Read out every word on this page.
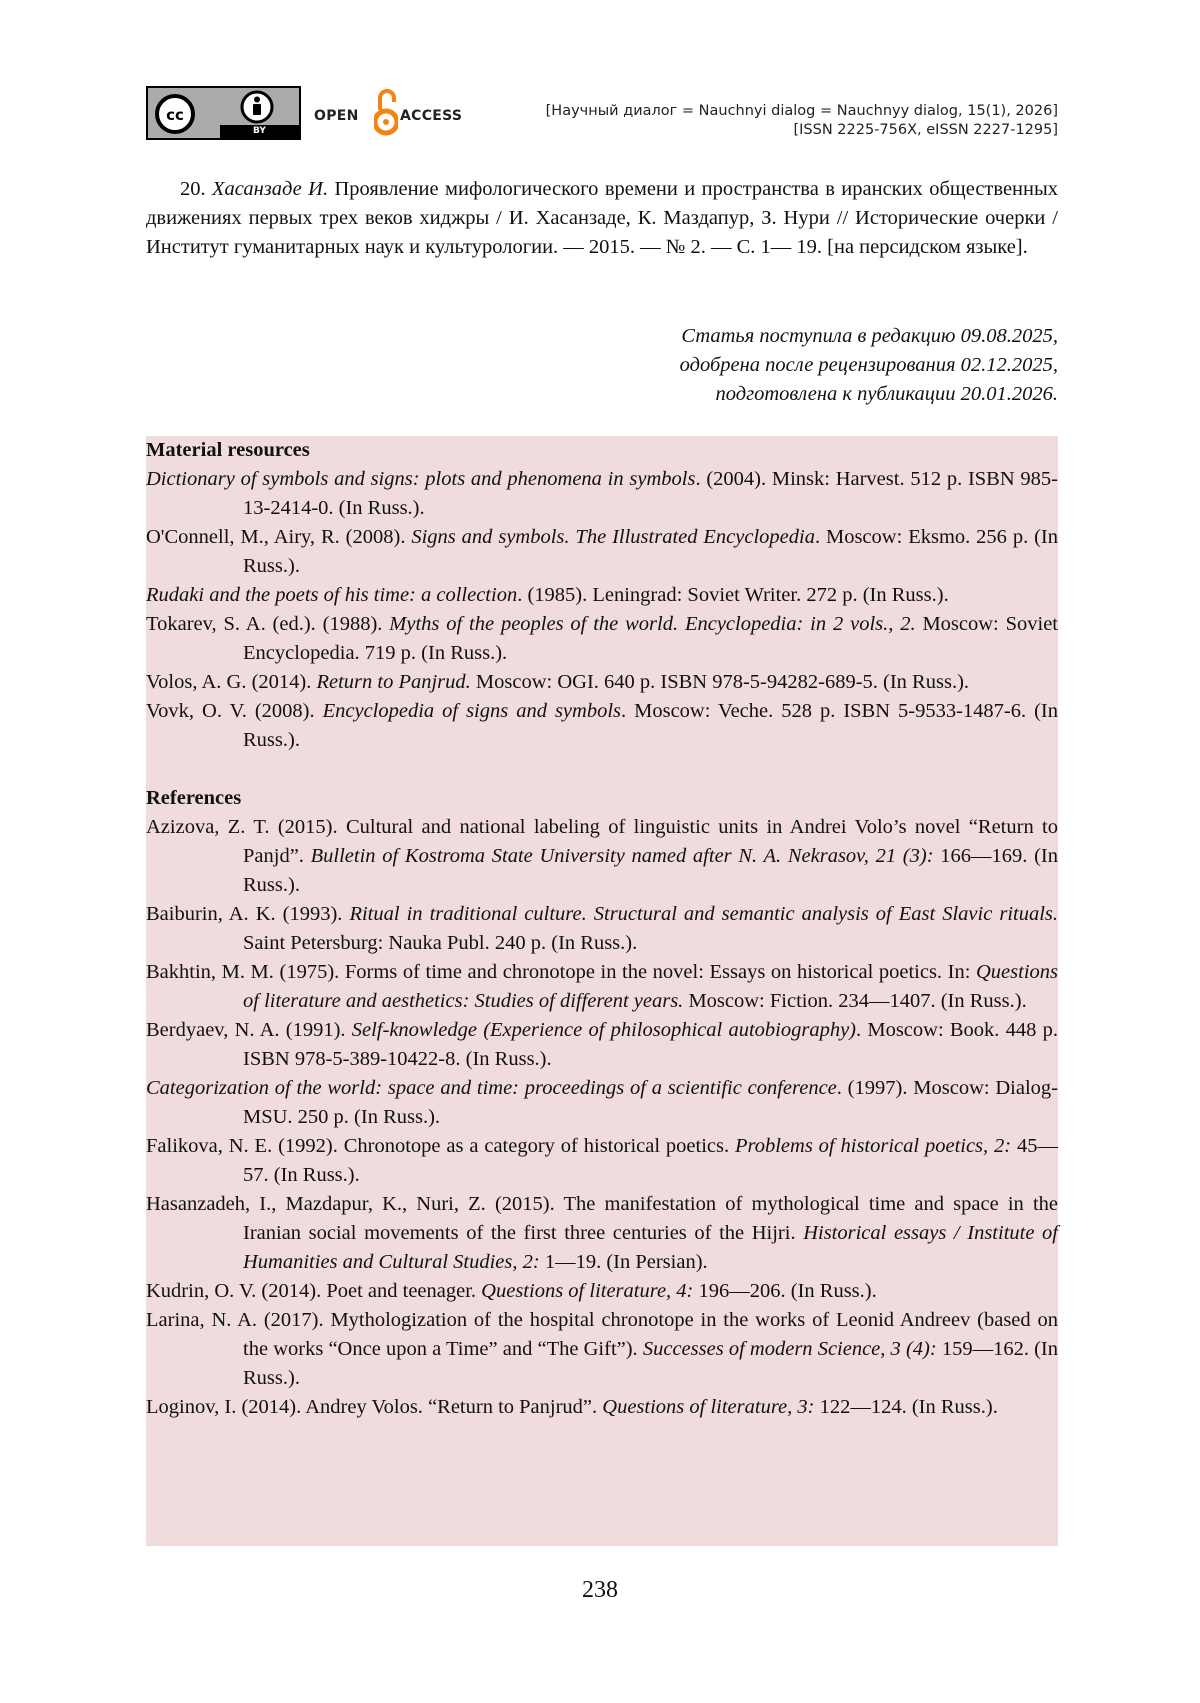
cc
BY
OPEN	ACCESS	[Научный диалог = Nauchnyi dialog = Nauchnyy dialog, 15(1), 2026]
[ISSN 2225-756X, eISSN 2227-1295]
20. Хасанзаде И. Проявление мифологического времени и пространства в иранских общественных движениях первых трех веков хиджры / И. Хасанзаде, К. Маздапур, З. Нури // Исторические очерки / Институт гуманитарных наук и культурологии. — 2015. — № 2. — С. 1— 19. [на персидском языке].
Статья поступила в редакцию 09.08.2025,
одобрена после рецензирования 02.12.2025,
подготовлена к публикации 20.01.2026.
Material resources
Dictionary of symbols and signs: plots and phenomena in symbols. (2004). Minsk: Harvest. 512 p. ISBN 985-13-2414-0. (In Russ.).
O'Connell, M., Airy, R. (2008). Signs and symbols. The Illustrated Encyclopedia. Moscow: Eksmo. 256 p. (In Russ.).
Rudaki and the poets of his time: a collection. (1985). Leningrad: Soviet Writer. 272 p. (In Russ.).
Tokarev, S. A. (ed.). (1988). Myths of the peoples of the world. Encyclopedia: in 2 vols., 2. Moscow: Soviet Encyclopedia. 719 p. (In Russ.).
Volos, A. G. (2014). Return to Panjrud. Moscow: OGI. 640 p. ISBN 978-5-94282-689-5. (In Russ.).
Vovk, O. V. (2008). Encyclopedia of signs and symbols. Moscow: Veche. 528 p. ISBN 5-9533-1487-6. (In Russ.).
References
Azizova, Z. T. (2015). Cultural and national labeling of linguistic units in Andrei Volo’s novel “Return to Panjd”. Bulletin of Kostroma State University named after N. A. Nekrasov, 21 (3): 166—169. (In Russ.).
Baiburin, A. K. (1993). Ritual in traditional culture. Structural and semantic analysis of East Slavic rituals. Saint Petersburg: Nauka Publ. 240 p. (In Russ.).
Bakhtin, M. M. (1975). Forms of time and chronotope in the novel: Essays on historical poetics. In: Questions of literature and aesthetics: Studies of different years. Moscow: Fiction. 234—1407. (In Russ.).
Berdyaev, N. A. (1991). Self-knowledge (Experience of philosophical autobiography). Moscow: Book. 448 p. ISBN 978-5-389-10422-8. (In Russ.).
Categorization of the world: space and time: proceedings of a scientific conference. (1997). Moscow: Dialog-MSU. 250 p. (In Russ.).
Falikova, N. E. (1992). Chronotope as a category of historical poetics. Problems of historical poetics, 2: 45—57. (In Russ.).
Hasanzadeh, I., Mazdapur, K., Nuri, Z. (2015). The manifestation of mythological time and space in the Iranian social movements of the first three centuries of the Hijri. Historical essays / Institute of Humanities and Cultural Studies, 2: 1—19. (In Persian).
Kudrin, O. V. (2014). Poet and teenager. Questions of literature, 4: 196—206. (In Russ.).
Larina, N. A. (2017). Mythologization of the hospital chronotope in the works of Leonid Andreev (based on the works “Once upon a Time” and “The Gift”). Successes of modern Science, 3 (4): 159—162. (In Russ.).
Loginov, I. (2014). Andrey Volos. “Return to Panjrud”. Questions of literature, 3: 122—124. (In Russ.).
238
